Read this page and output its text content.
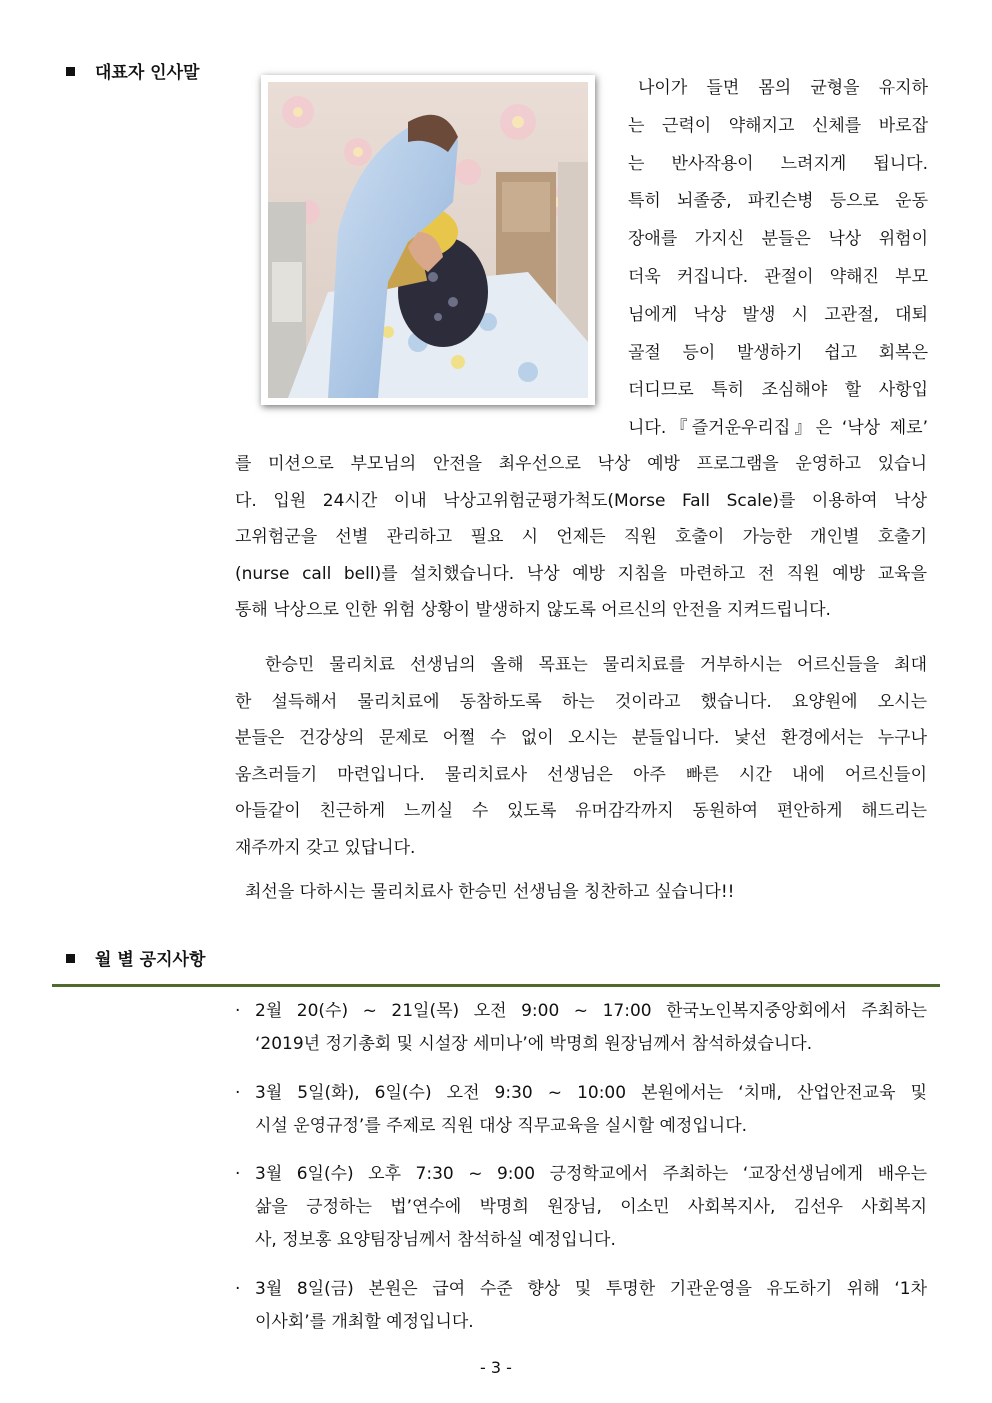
대표자 인사말
나이가 들면 몸의 균형을 유지하
는 근력이 약해지고 신체를 바로잡
는 반사작용이 느려지게 됩니다.
특히 뇌졸중, 파킨슨병 등으로 운동
장애를 가지신 분들은 낙상 위험이
더욱 커집니다. 관절이 약해진 부모
님에게 낙상 발생 시 고관절, 대퇴
골절 등이 발생하기 쉽고 회복은
더디므로 특히 조심해야 할 사항입
니다.『즐거운우리집』은 ‘낙상 제로’
를 미션으로 부모님의 안전을 최우선으로 낙상 예방 프로그램을 운영하고 있습니
다. 입원 24시간 이내 낙상고위험군평가척도(Morse Fall Scale)를 이용하여 낙상
고위험군을 선별 관리하고 필요 시 언제든 직원 호출이 가능한 개인별 호출기
(nurse call bell)를 설치했습니다. 낙상 예방 지침을 마련하고 전 직원 예방 교육을
통해 낙상으로 인한 위험 상황이 발생하지 않도록 어르신의 안전을 지켜드립니다.
한승민 물리치료 선생님의 올해 목표는 물리치료를 거부하시는 어르신들을 최대
한 설득해서 물리치료에 동참하도록 하는 것이라고 했습니다. 요양원에 오시는
분들은 건강상의 문제로 어쩔 수 없이 오시는 분들입니다. 낯선 환경에서는 누구나
움츠러들기 마련입니다. 물리치료사 선생님은 아주 빠른 시간 내에 어르신들이
아들같이 친근하게 느끼실 수 있도록 유머감각까지 동원하여 편안하게 해드리는
재주까지 갖고 있답니다.
최선을 다하시는 물리치료사 한승민 선생님을 칭찬하고 싶습니다!!
월 별 공지사항
· 2월 20(수) ~ 21일(목) 오전 9:00 ~ 17:00 한국노인복지중앙회에서 주최하는
‘2019년 정기총회 및 시설장 세미나’에 박명희 원장님께서 참석하셨습니다.
· 3월 5일(화), 6일(수) 오전 9:30 ~ 10:00 본원에서는 ‘치매, 산업안전교육 및
시설 운영규정’를 주제로 직원 대상 직무교육을 실시할 예정입니다.
· 3월 6일(수) 오후 7:30 ~ 9:00 긍정학교에서 주최하는 ‘교장선생님에게 배우는
삶을 긍정하는 법’연수에 박명희 원장님, 이소민 사회복지사, 김선우 사회복지
사, 정보홍 요양팀장님께서 참석하실 예정입니다.
· 3월 8일(금) 본원은 급여 수준 향상 및 투명한 기관운영을 유도하기 위해 ‘1차
이사회’를 개최할 예정입니다.
- 3 -
